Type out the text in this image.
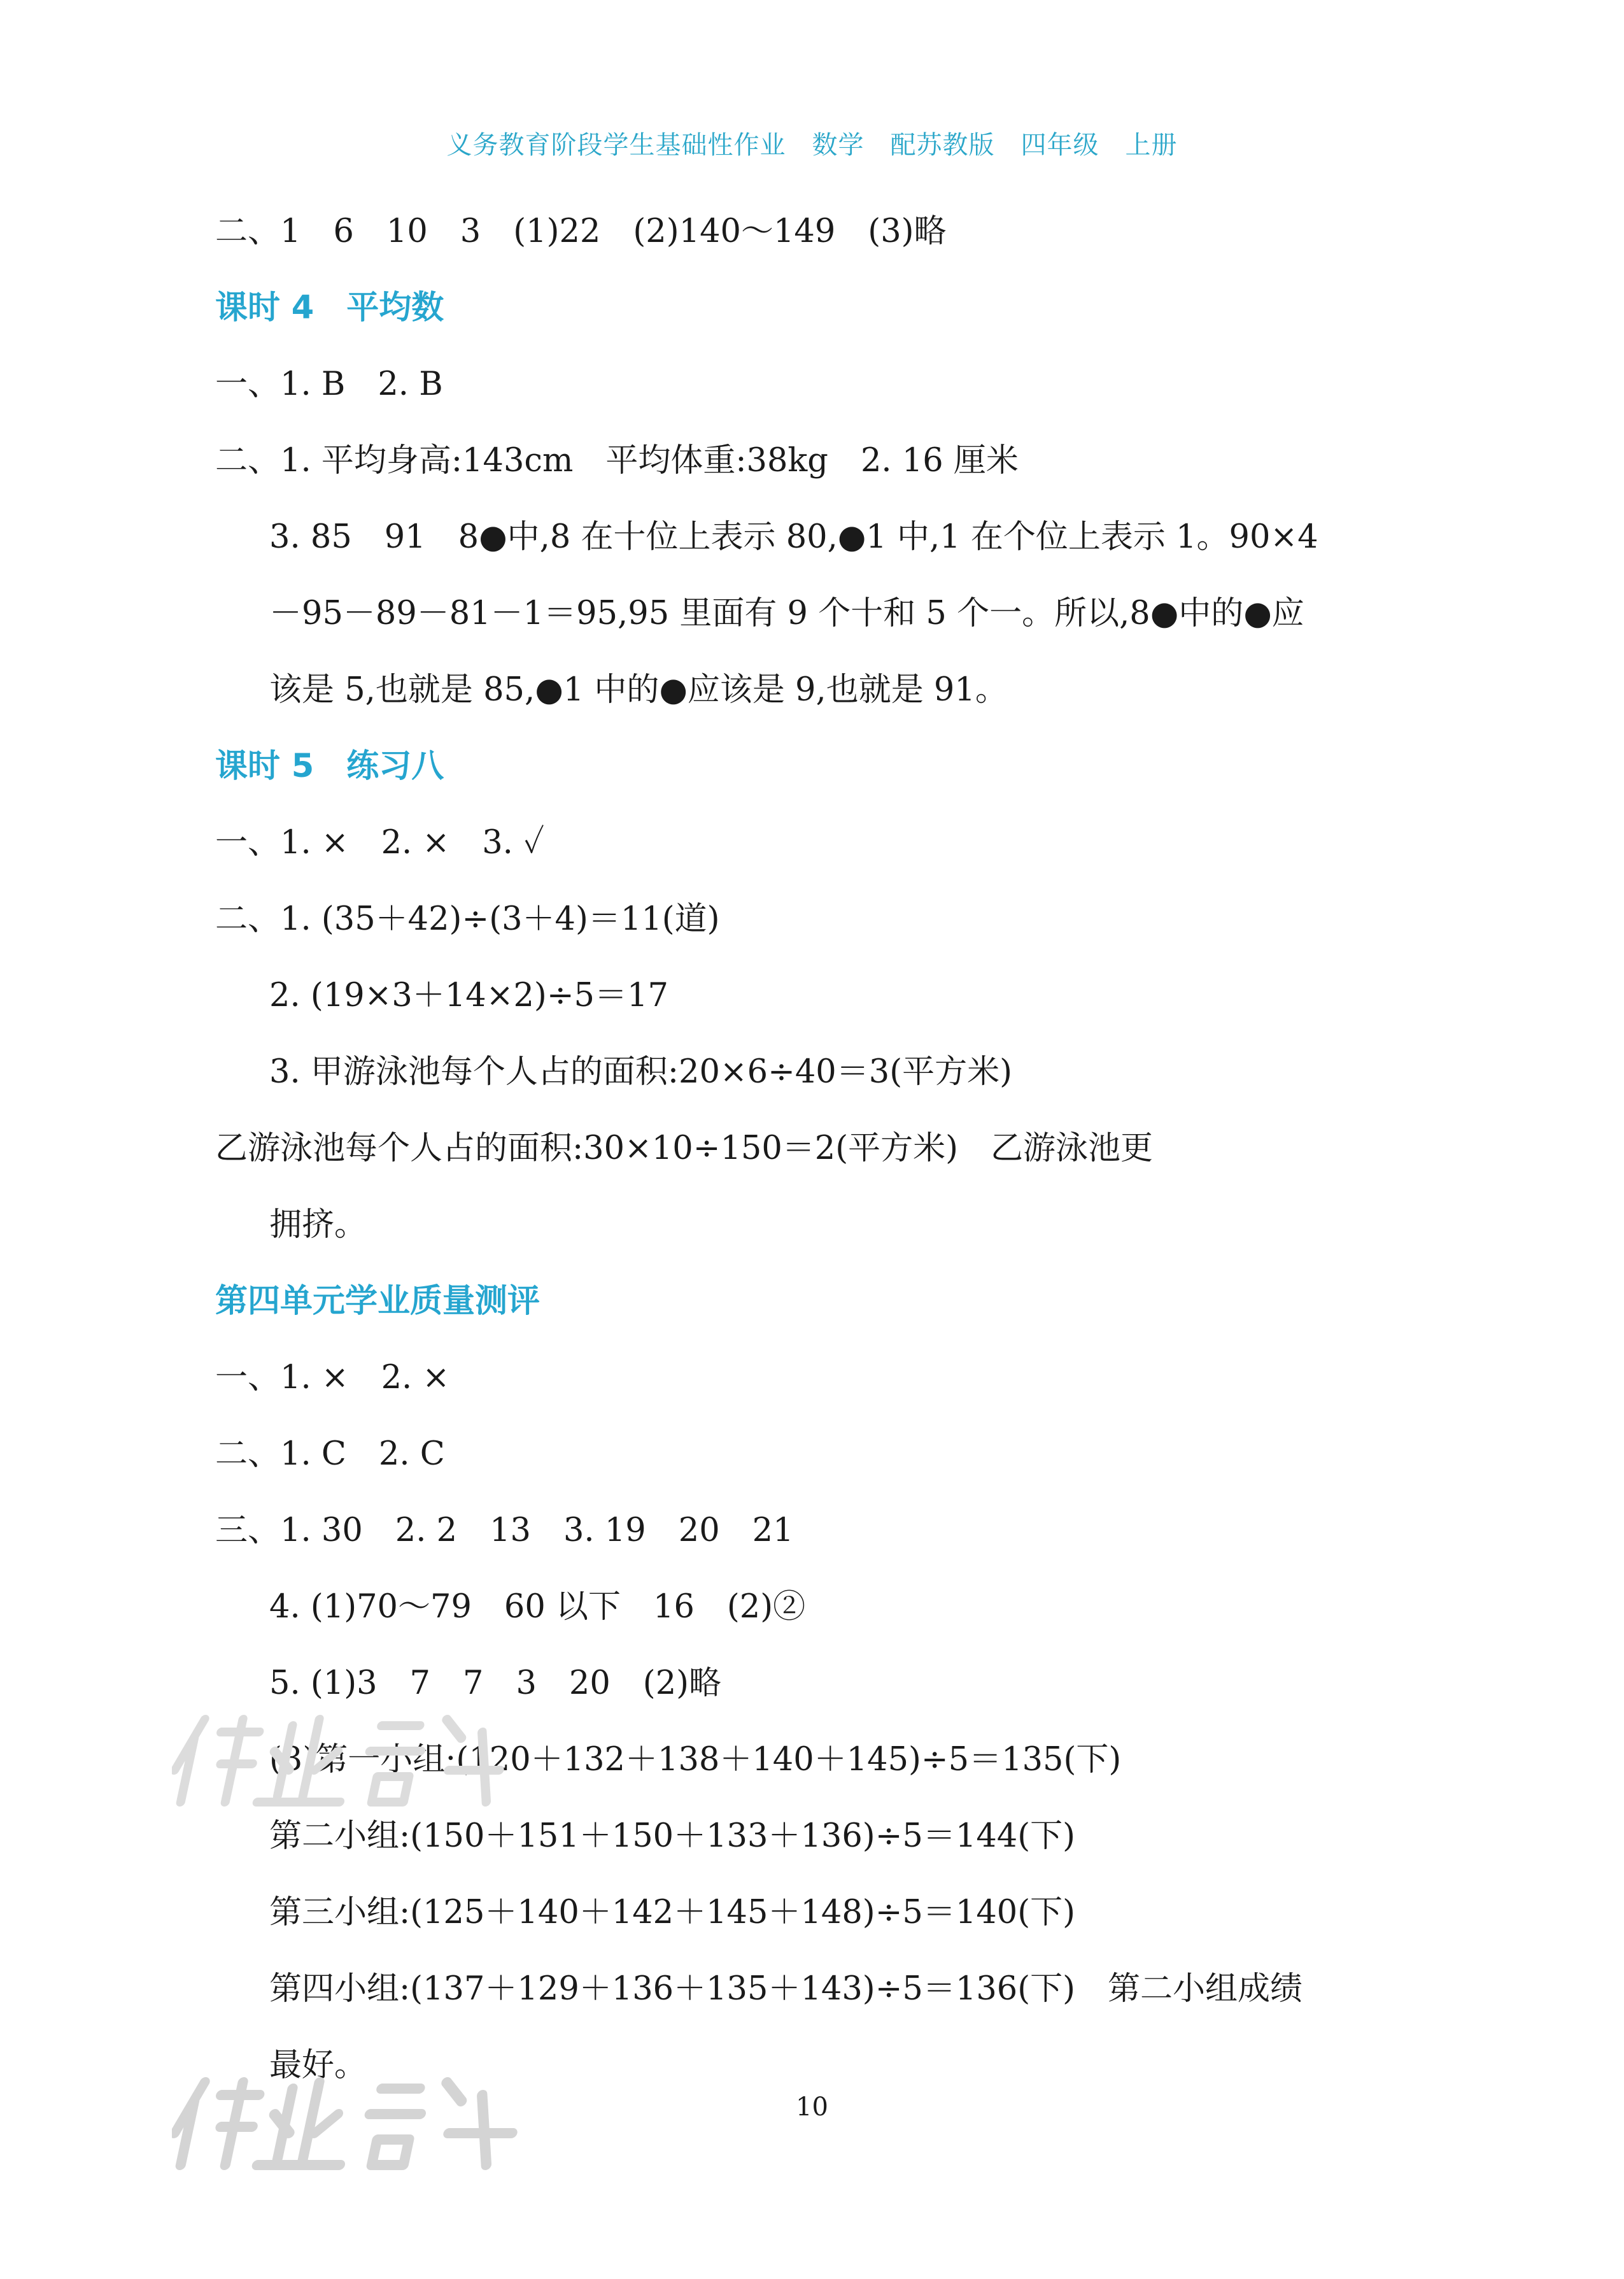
义务教育阶段学生基础性作业　数学　配苏教版　四年级　上册
二、1　6　10　3　(1)22　(2)140～149　(3)略
课时 4　平均数
一、1. B　2. B
二、1. 平均身高:143cm　平均体重:38kg　2. 16 厘米
3. 85　91　8●中,8 在十位上表示 80,●1 中,1 在个位上表示 1。90×4
－95－89－81－1＝95,95 里面有 9 个十和 5 个一。所以,8●中的●应
该是 5,也就是 85,●1 中的●应该是 9,也就是 91。
课时 5　练习八
一、1. ×　2. ×　3. ✓
二、1. (35＋42)÷(3＋4)＝11(道)
2. (19×3＋14×2)÷5＝17
3. 甲游泳池每个人占的面积:20×6÷40＝3(平方米)
乙游泳池每个人占的面积:30×10÷150＝2(平方米)　乙游泳池更
拥挤。
第四单元学业质量测评
一、1. ×　2. ×
二、1. C　2. C
三、1. 30　2. 2　13　3. 19　20　21
4. (1)70～79　60 以下　16　(2)②
5. (1)3　7　7　3　20　(2)略
(3)第一小组:(120＋132＋138＋140＋145)÷5＝135(下)
第二小组:(150＋151＋150＋133＋136)÷5＝144(下)
第三小组:(125＋140＋142＋145＋148)÷5＝140(下)
第四小组:(137＋129＋136＋135＋143)÷5＝136(下)　第二小组成绩
最好。
10
